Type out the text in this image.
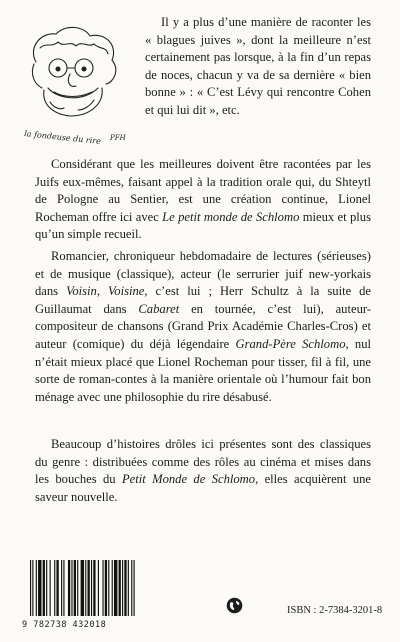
la fondeuse du rire PFH

Il y a plus d’une manière de raconter les « blagues juives », dont la meilleure n’est certainement pas lorsque, à la fin d’un repas de noces, chacun y va de sa dernière « bien bonne » : « C’est Lévy qui rencontre Cohen et qui lui dit », etc.

Considérant que les meilleures doivent être racontées par les Juifs eux-mêmes, faisant appel à la tradition orale qui, du Shteytl de Pologne au Sentier, est une création continue, Lionel Rocheman offre ici avec Le petit monde de Schlomo mieux et plus qu’un simple recueil.

Romancier, chroniqueur hebdomadaire de lectures (sérieuses) et de musique (classique), acteur (le serrurier juif new-yorkais dans Voisin, Voisine, c’est lui ; Herr Schultz à la suite de Guillaumat dans Cabaret en tournée, c’est lui), auteur-compositeur de chansons (Grand Prix Académie Charles-Cros) et auteur (comique) du déjà légendaire Grand-Père Schlomo, nul n’était mieux placé que Lionel Rocheman pour tisser, fil à fil, une sorte de roman-contes à la manière orientale où l’humour fait bon ménage avec une philosophie du rire désabusé.

Beaucoup d’histoires drôles ici présentes sont des classiques du genre : distribuées comme des rôles au cinéma et mises dans les bouches du Petit Monde de Schlomo, elles acquièrent une saveur nouvelle.

9 782738 432018
ISBN : 2-7384-3201-8
